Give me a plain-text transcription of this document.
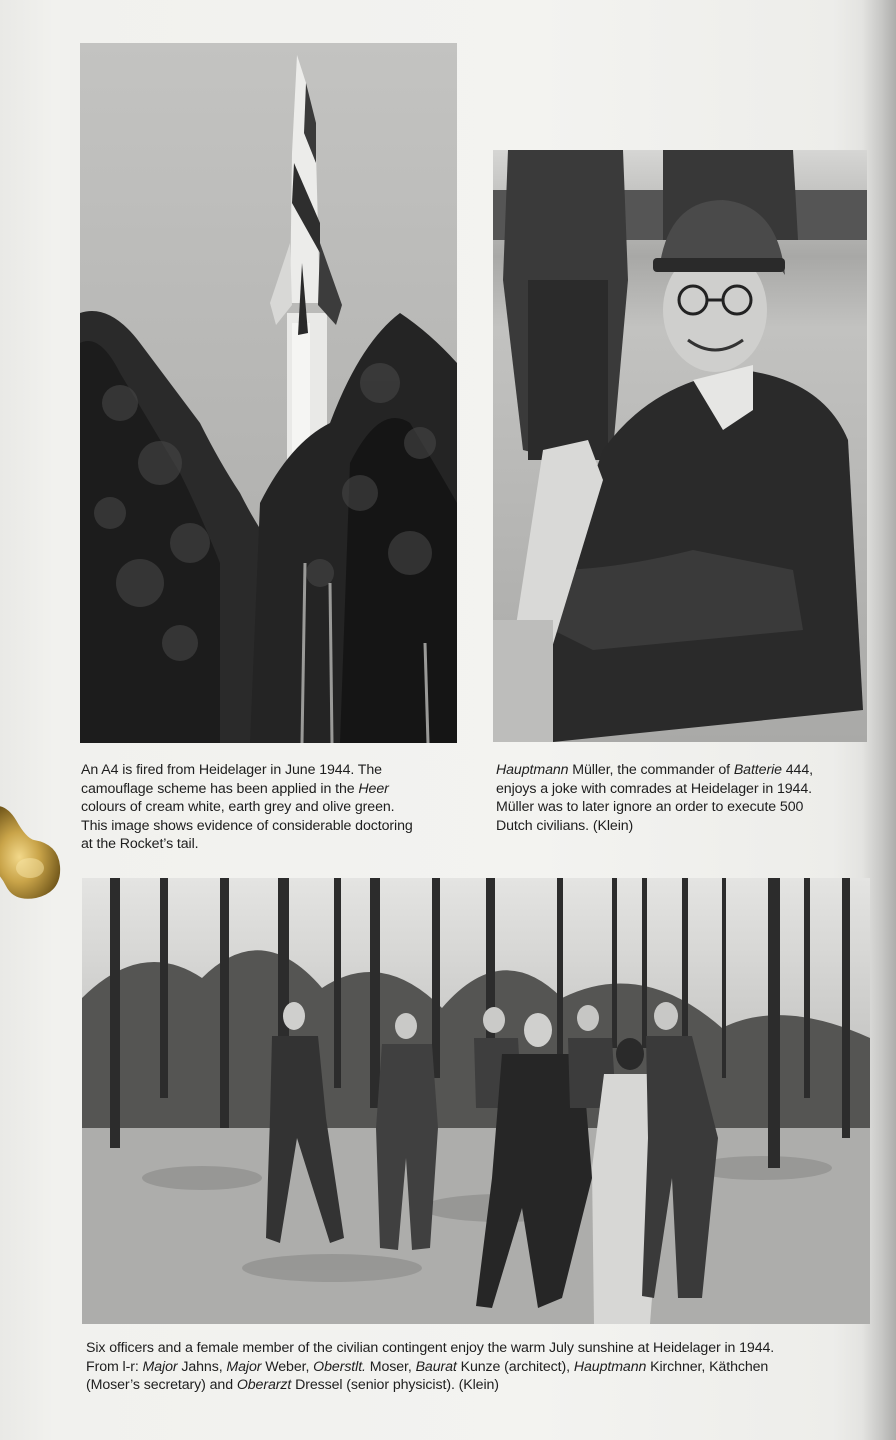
An A4 is fired from Heidelager in June 1944. The
camouflage scheme has been applied in the Heer
colours of cream white, earth grey and olive green.
This image shows evidence of considerable doctoring
at the Rocket’s tail.
Hauptmann Müller, the commander of Batterie 444,
enjoys a joke with comrades at Heidelager in 1944.
Müller was to later ignore an order to execute 500
Dutch civilians. (Klein)
Six officers and a female member of the civilian contingent enjoy the warm July sunshine at Heidelager in 1944.
From l-r: Major Jahns, Major Weber, Oberstlt. Moser, Baurat Kunze (architect), Hauptmann Kirchner, Käthchen
(Moser’s secretary) and Oberarzt Dressel (senior physicist). (Klein)
